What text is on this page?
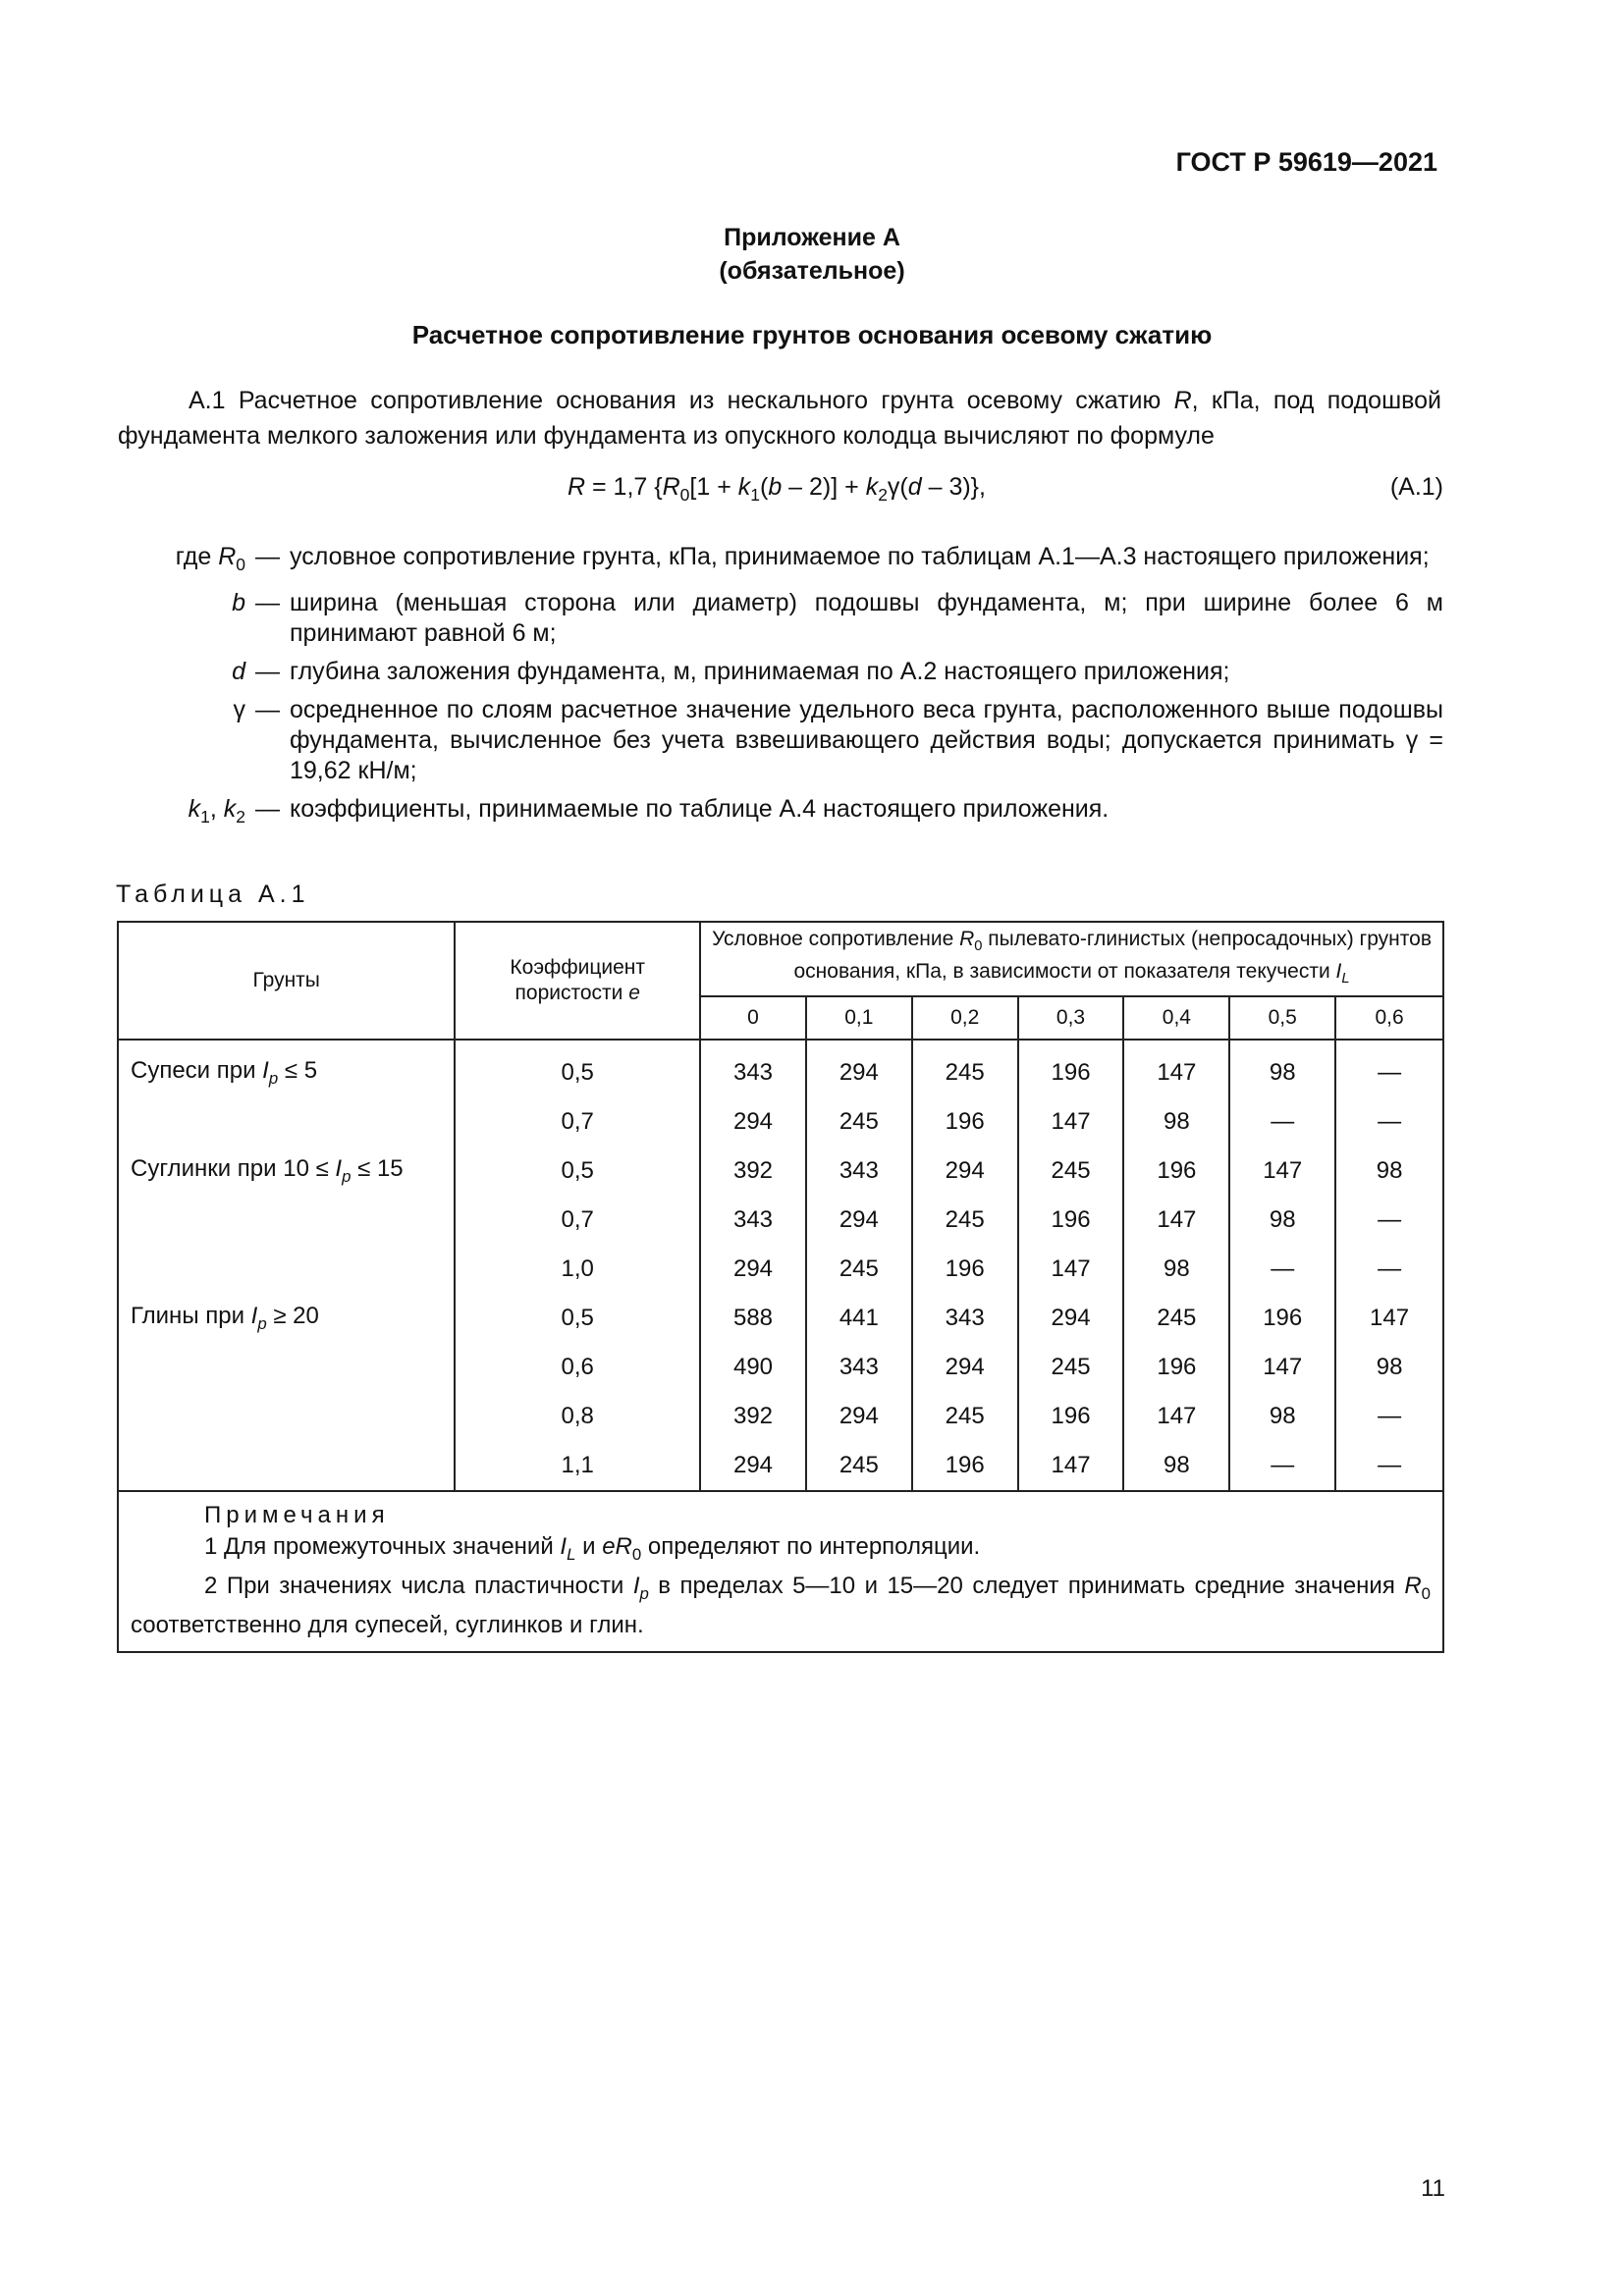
ГОСТ Р 59619—2021
Приложение А
(обязательное)
Расчетное сопротивление грунтов основания осевому сжатию
А.1 Расчетное сопротивление основания из нескального грунта осевому сжатию R, кПа, под подошвой фундамента мелкого заложения или фундамента из опускного колодца вычисляют по формуле
R = 1,7 $\{R_0[1 + k_1(b - 2)] + k_2\gamma(d - 3)\}$,	(А.1)
где $R_0$ — условное сопротивление грунта, кПа, принимаемое по таблицам А.1—А.3 настоящего приложения;
b — ширина (меньшая сторона или диаметр) подошвы фундамента, м; при ширине более 6 м принимают равной 6 м;
d — глубина заложения фундамента, м, принимаемая по А.2 настоящего приложения;
γ — осредненное по слоям расчетное значение удельного веса грунта, расположенного выше подошвы фундамента, вычисленное без учета взвешивающего действия воды; допускается принимать γ = 19,62 кН/м;
$k_1$, $k_2$ — коэффициенты, принимаемые по таблице А.4 настоящего приложения.
Таблица А.1
Грунты	Коэффициент пористости e	Условное сопротивление $R_0$ пылевато-глинистых (непросадочных) грунтов основания, кПа, в зависимости от показателя текучести $I_L$
		0	0,1	0,2	0,3	0,4	0,5	0,6
Супеси при $I_p \le 5$	0,5	343	294	245	196	147	98	—
	0,7	294	245	196	147	98	—	—
Суглинки при $10 \le I_p \le 15$	0,5	392	343	294	245	196	147	98
	0,7	343	294	245	196	147	98	—
	1,0	294	245	196	147	98	—	—
Глины при $I_p \ge 20$	0,5	588	441	343	294	245	196	147
	0,6	490	343	294	245	196	147	98
	0,8	392	294	245	196	147	98	—
	1,1	294	245	196	147	98	—	—

Примечания
1 Для промежуточных значений $I_L$ и $eR_0$ определяют по интерполяции.
2 При значениях числа пластичности $I_p$ в пределах 5—10 и 15—20 следует принимать средние значения $R_0$ соответственно для супесей, суглинков и глин.								
11
